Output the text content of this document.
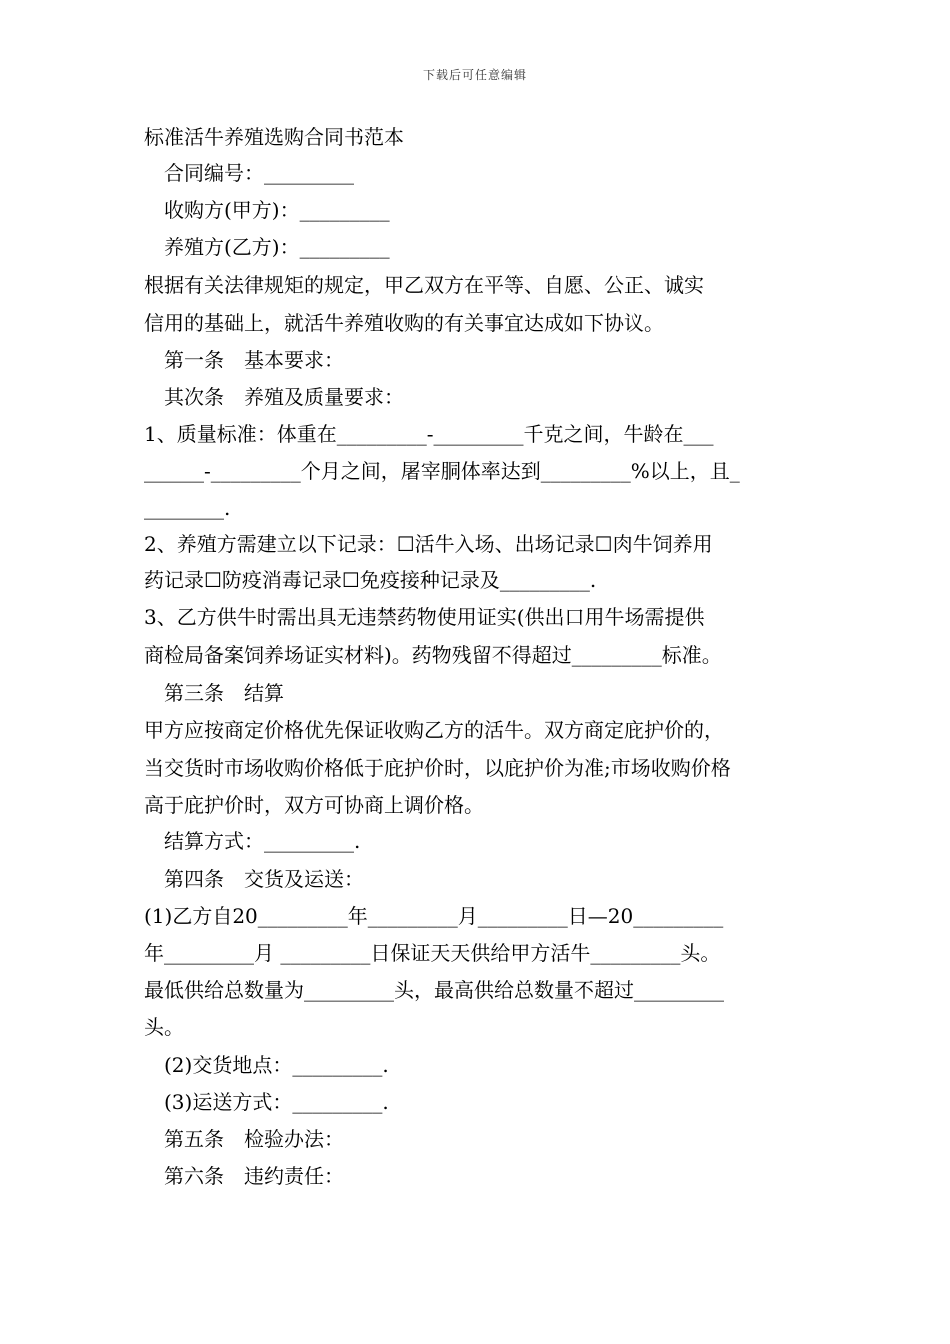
下载后可任意编辑
标准活牛养殖选购合同书范本
合同编号：_________
收购方(甲方)：_________
养殖方(乙方)：_________
根据有关法律规矩的规定，甲乙双方在平等、自愿、公正、诚实
信用的基础上，就活牛养殖收购的有关事宜达成如下协议。
第一条　基本要求：
其次条　养殖及质量要求：
1、质量标准：体重在_________-_________千克之间，牛龄在___
______-_________个月之间，屠宰胴体率达到_________%以上，且_
________.
2、养殖方需建立以下记录：☐活牛入场、出场记录☐肉牛饲养用
药记录☐防疫消毒记录☐免疫接种记录及_________.
3、乙方供牛时需出具无违禁药物使用证实(供出口用牛场需提供
商检局备案饲养场证实材料)。药物残留不得超过_________标准。
第三条　结算
甲方应按商定价格优先保证收购乙方的活牛。双方商定庇护价的，
当交货时市场收购价格低于庇护价时，以庇护价为准;市场收购价格
高于庇护价时，双方可协商上调价格。
结算方式：_________.
第四条　交货及运送：
(1)乙方自20_________年_________月_________日—20_________
年_________月 _________日保证天天供给甲方活牛_________头。
最低供给总数量为_________头，最高供给总数量不超过_________
头。
(2)交货地点：_________.
(3)运送方式：_________.
第五条　检验办法：
第六条　违约责任：
